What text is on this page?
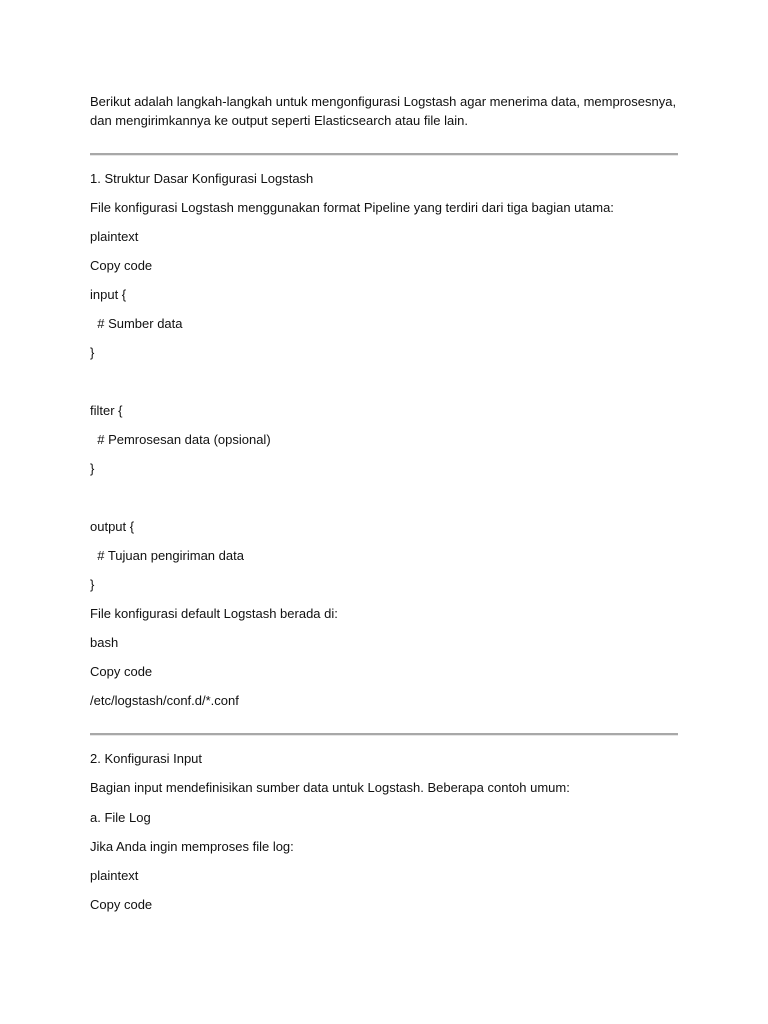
Berikut adalah langkah-langkah untuk mengonfigurasi Logstash agar menerima data, memprosesnya,
dan mengirimkannya ke output seperti Elasticsearch atau file lain.
1. Struktur Dasar Konfigurasi Logstash
File konfigurasi Logstash menggunakan format Pipeline yang terdiri dari tiga bagian utama:
plaintext
Copy code
input {
# Sumber data
}
filter {
# Pemrosesan data (opsional)
}
output {
# Tujuan pengiriman data
}
File konfigurasi default Logstash berada di:
bash
Copy code
/etc/logstash/conf.d/*.conf
2. Konfigurasi Input
Bagian input mendefinisikan sumber data untuk Logstash. Beberapa contoh umum:
a. File Log
Jika Anda ingin memproses file log:
plaintext
Copy code
